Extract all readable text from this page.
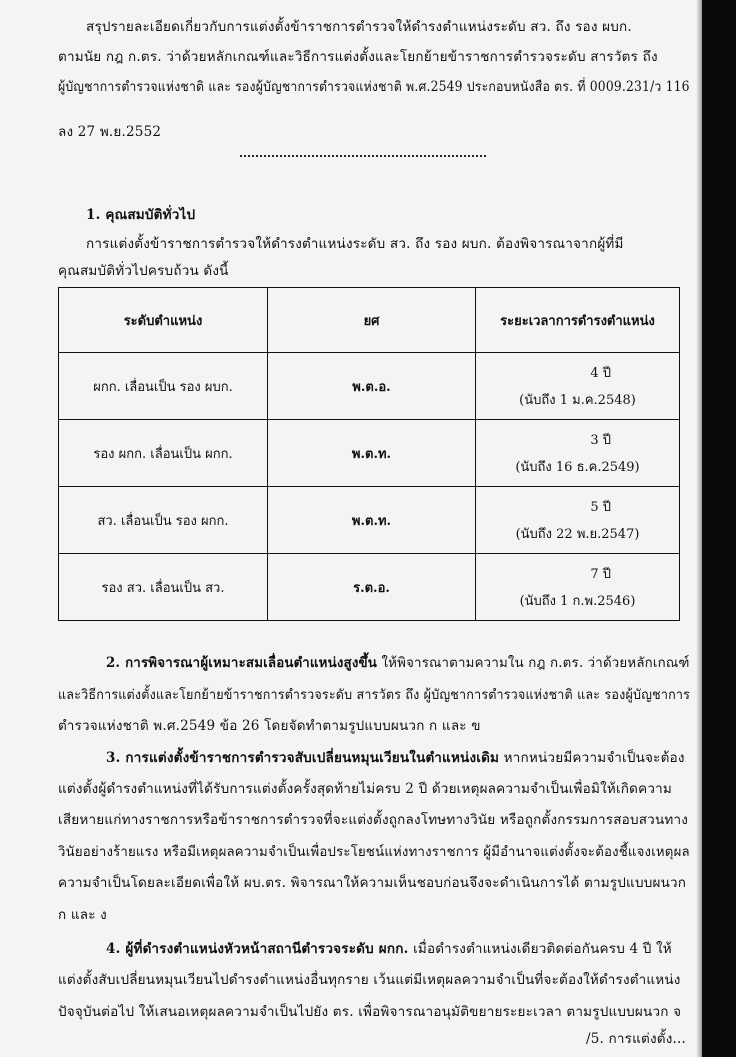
สรุปรายละเอียดเกี่ยวกับการแต่งตั้งข้าราชการตำรวจให้ดำรงตำแหน่งระดับ สว. ถึง รอง ผบก.
ตามนัย กฎ ก.ตร. ว่าด้วยหลักเกณฑ์และวิธีการแต่งตั้งและโยกย้ายข้าราชการตำรวจระดับ สารวัตร ถึง
ผู้บัญชาการตำรวจแห่งชาติ และ รองผู้บัญชาการตำรวจแห่งชาติ พ.ศ.2549 ประกอบหนังสือ ตร. ที่ 0009.231/ว 116
ลง 27 พ.ย.2552
1. คุณสมบัติทั่วไป
การแต่งตั้งข้าราชการตำรวจให้ดำรงตำแหน่งระดับ สว. ถึง รอง ผบก. ต้องพิจารณาจากผู้ที่มี
คุณสมบัติทั่วไปครบถ้วน ดังนี้
ระดับตำแหน่ง	ยศ	ระยะเวลาการดำรงตำแหน่ง
ผกก. เลื่อนเป็น รอง ผบก.	พ.ต.อ.	4 ปี
(นับถึง 1 ม.ค.2548)

รอง ผกก. เลื่อนเป็น ผกก.	พ.ต.ท.	3 ปี
(นับถึง 16 ธ.ค.2549)

สว. เลื่อนเป็น รอง ผกก.	พ.ต.ท.	5 ปี
(นับถึง 22 พ.ย.2547)

รอง สว. เลื่อนเป็น สว.	ร.ต.อ.	7 ปี
(นับถึง 1 ก.พ.2546)
2. การพิจารณาผู้เหมาะสมเลื่อนตำแหน่งสูงขึ้น ให้พิจารณาตามความใน กฎ ก.ตร. ว่าด้วยหลักเกณฑ์
และวิธีการแต่งตั้งและโยกย้ายข้าราชการตำรวจระดับ สารวัตร ถึง ผู้บัญชาการตำรวจแห่งชาติ และ รองผู้บัญชาการ
ตำรวจแห่งชาติ พ.ศ.2549 ข้อ 26 โดยจัดทำตามรูปแบบผนวก ก และ ข
3. การแต่งตั้งข้าราชการตำรวจสับเปลี่ยนหมุนเวียนในตำแหน่งเดิม หากหน่วยมีความจำเป็นจะต้อง
แต่งตั้งผู้ดำรงตำแหน่งที่ได้รับการแต่งตั้งครั้งสุดท้ายไม่ครบ 2 ปี ด้วยเหตุผลความจำเป็นเพื่อมิให้เกิดความ
เสียหายแก่ทางราชการหรือข้าราชการตำรวจที่จะแต่งตั้งถูกลงโทษทางวินัย หรือถูกตั้งกรรมการสอบสวนทาง
วินัยอย่างร้ายแรง หรือมีเหตุผลความจำเป็นเพื่อประโยชน์แห่งทางราชการ ผู้มีอำนาจแต่งตั้งจะต้องชี้แจงเหตุผล
ความจำเป็นโดยละเอียดเพื่อให้ ผบ.ตร. พิจารณาให้ความเห็นชอบก่อนจึงจะดำเนินการได้ ตามรูปแบบผนวก
ก และ ง
4. ผู้ที่ดำรงตำแหน่งหัวหน้าสถานีตำรวจระดับ ผกก. เมื่อดำรงตำแหน่งเดียวติดต่อกันครบ 4 ปี ให้
แต่งตั้งสับเปลี่ยนหมุนเวียนไปดำรงตำแหน่งอื่นทุกราย เว้นแต่มีเหตุผลความจำเป็นที่จะต้องให้ดำรงตำแหน่ง
ปัจจุบันต่อไป ให้เสนอเหตุผลความจำเป็นไปยัง ตร. เพื่อพิจารณาอนุมัติขยายระยะเวลา ตามรูปแบบผนวก จ
/5. การแต่งตั้ง...
